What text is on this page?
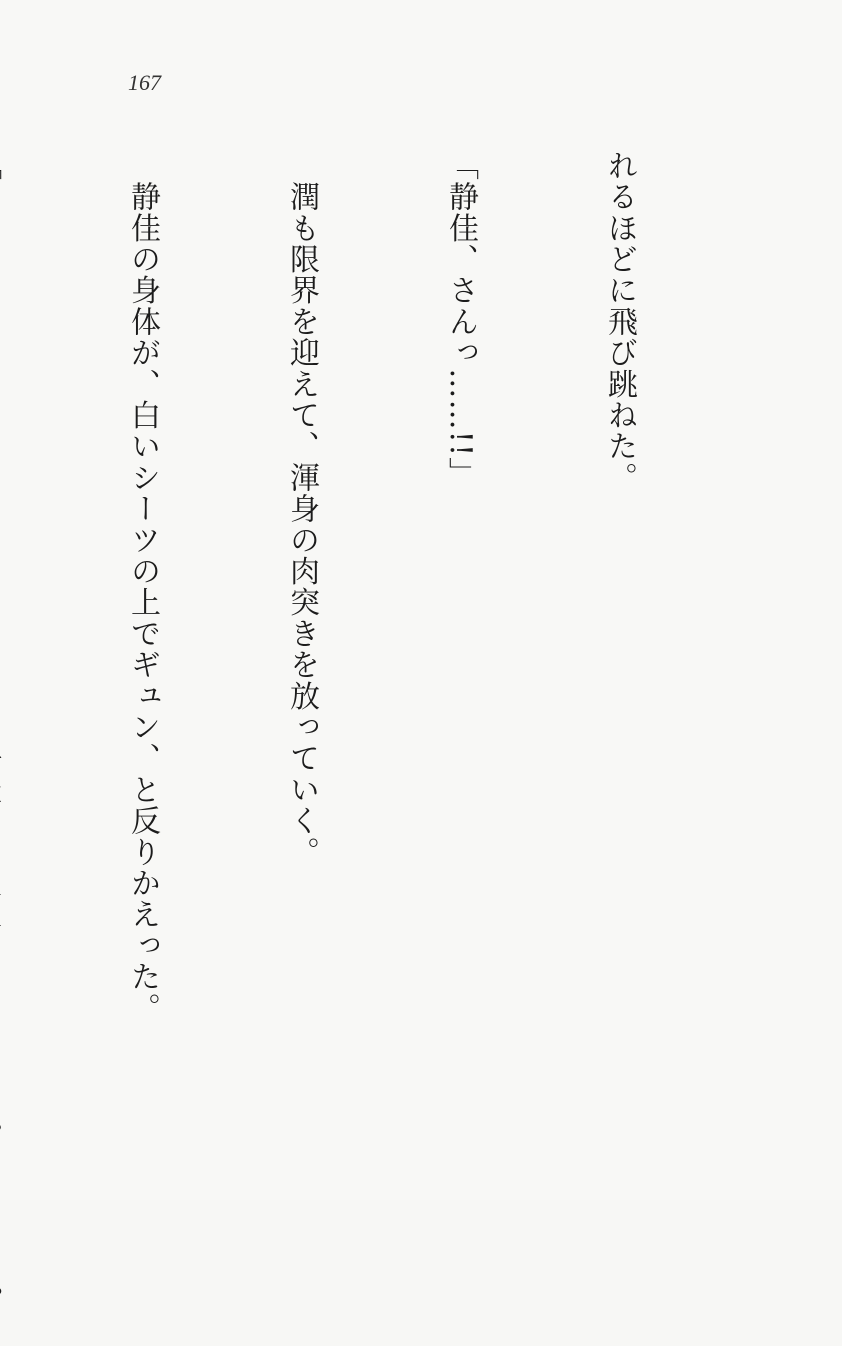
167

れるほどに飛び跳ねた。

「静佳、さんっ……!!」

　潤も限界を迎えて、渾身の肉突きを放っていく。

　静佳の身体が、白いシーツの上でギュン、と反りかえった。
